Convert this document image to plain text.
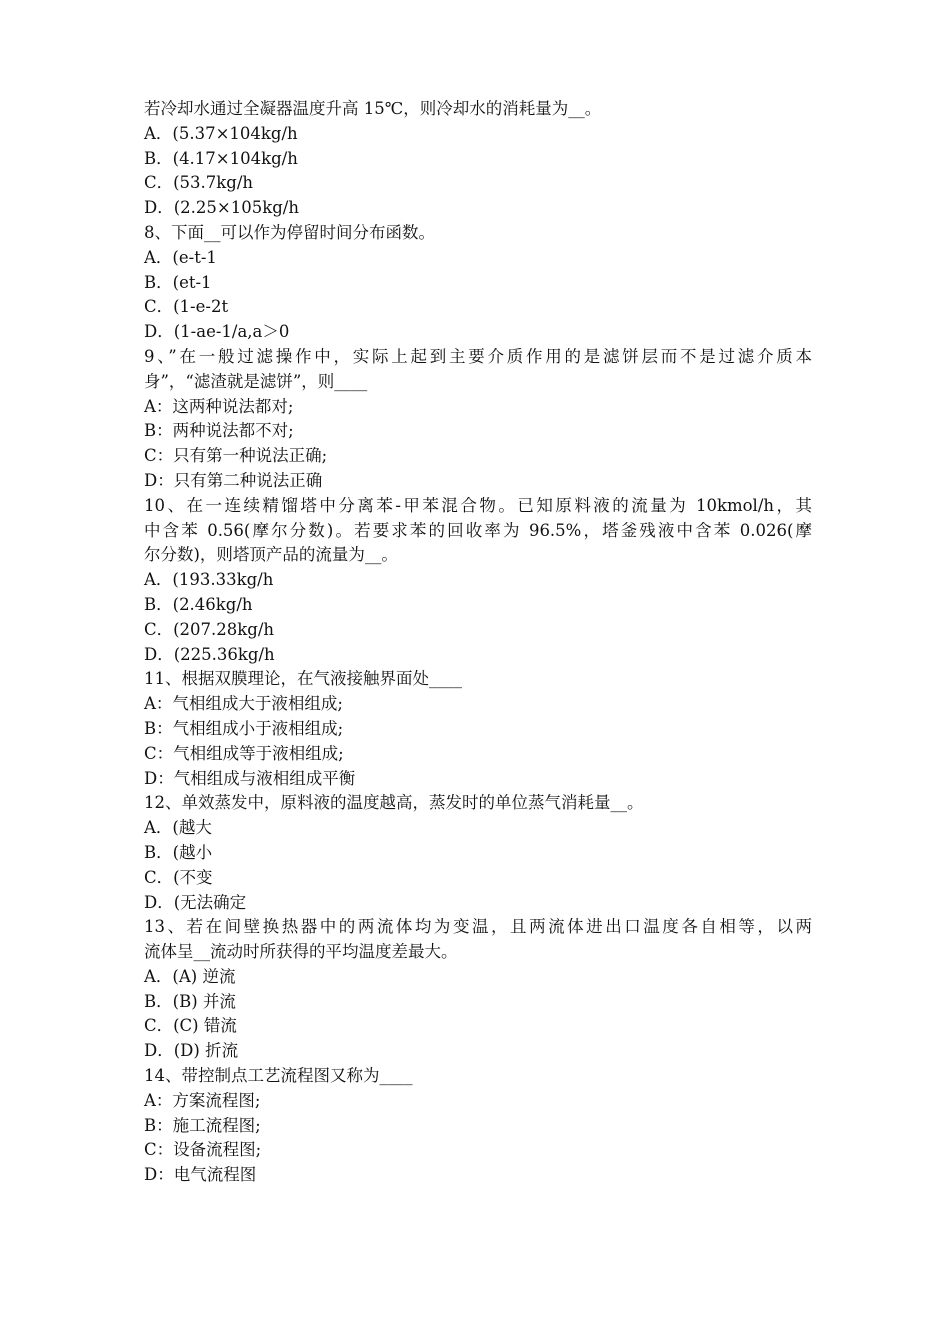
若冷却水通过全凝器温度升高 15℃，则冷却水的消耗量为__。
A．(5.37×104kg/h
B．(4.17×104kg/h
C．(53.7kg/h
D．(2.25×105kg/h
8、下面__可以作为停留时间分布函数。
A．(e-t-1
B．(et-1
C．(1-e-2t
D．(1-ae-1/a,a＞0
9、”在一般过滤操作中，实际上起到主要介质作用的是滤饼层而不是过滤介质本
身”，“滤渣就是滤饼”，则____
A：这两种说法都对;
B：两种说法都不对;
C：只有第一种说法正确;
D：只有第二种说法正确
10、在一连续精馏塔中分离苯-甲苯混合物。已知原料液的流量为 10kmol/h，其
中含苯 0.56(摩尔分数)。若要求苯的回收率为 96.5%，塔釜残液中含苯 0.026(摩
尔分数)，则塔顶产品的流量为__。
A．(193.33kg/h
B．(2.46kg/h
C．(207.28kg/h
D．(225.36kg/h
11、根据双膜理论，在气液接触界面处____
A：气相组成大于液相组成;
B：气相组成小于液相组成;
C：气相组成等于液相组成;
D：气相组成与液相组成平衡
12、单效蒸发中，原料液的温度越高，蒸发时的单位蒸气消耗量__。
A．(越大
B．(越小
C．(不变
D．(无法确定
13、若在间壁换热器中的两流体均为变温，且两流体进出口温度各自相等，以两
流体呈__流动时所获得的平均温度差最大。
A．(A) 逆流
B．(B) 并流
C．(C) 错流
D．(D) 折流
14、带控制点工艺流程图又称为____
A：方案流程图;
B：施工流程图;
C：设备流程图;
D：电气流程图
